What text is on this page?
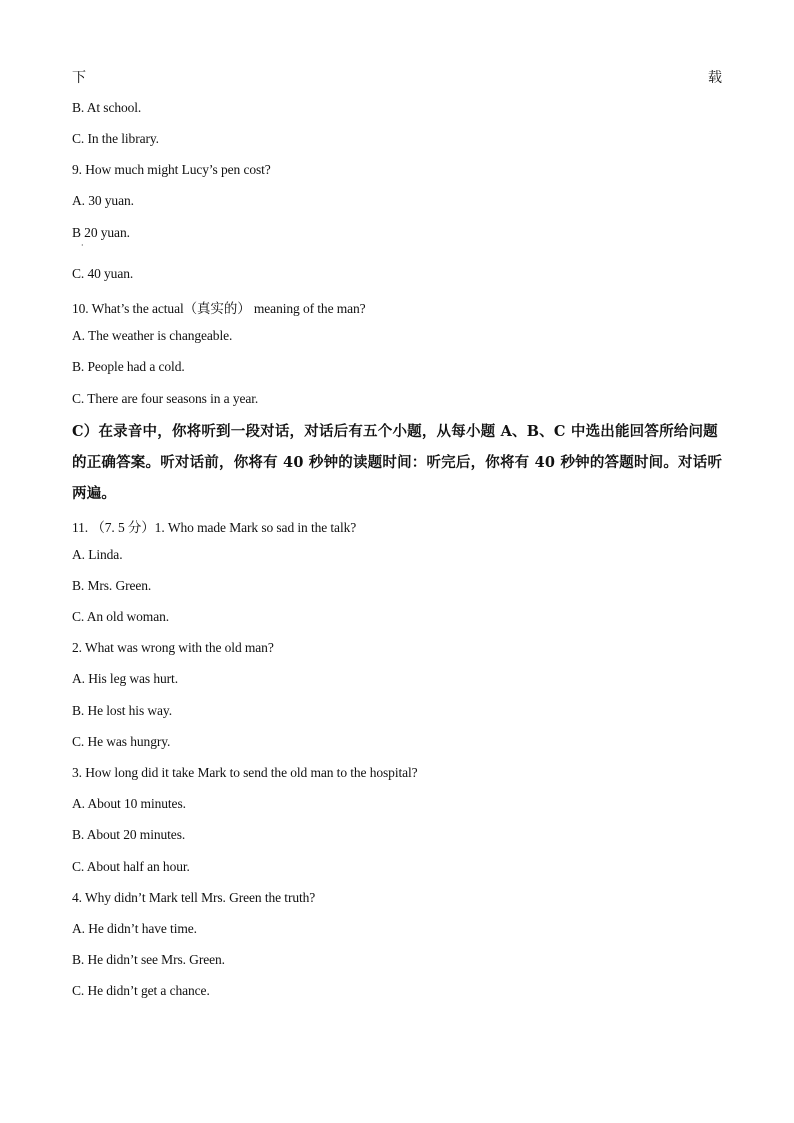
下	载
B. At school.
C. In the library.
9. How much might Lucy’s pen cost?
A. 30 yuan.
B 20 yuan.
·
C. 40 yuan.
10. What’s the actual（真实的） meaning of the man?
A. The weather is changeable.
B. People had a cold.
C. There are four seasons in a year.
C）在录音中，你将听到一段对话，对话后有五个小题，从每小题 A、B、C 中选出能回答所给问题的正确答案。听对话前，你将有 40 秒钟的读题时间：听完后，你将有 40 秒钟的答题时间。对话听两遍。
11. （7. 5 分）1. Who made Mark so sad in the talk?
A. Linda.
B. Mrs. Green.
C. An old woman.
2. What was wrong with the old man?
A. His leg was hurt.
B. He lost his way.
C. He was hungry.
3. How long did it take Mark to send the old man to the hospital?
A. About 10 minutes.
B. About 20 minutes.
C. About half an hour.
4. Why didn’t Mark tell Mrs. Green the truth?
A. He didn’t have time.
B. He didn’t see Mrs. Green.
C. He didn’t get a chance.
